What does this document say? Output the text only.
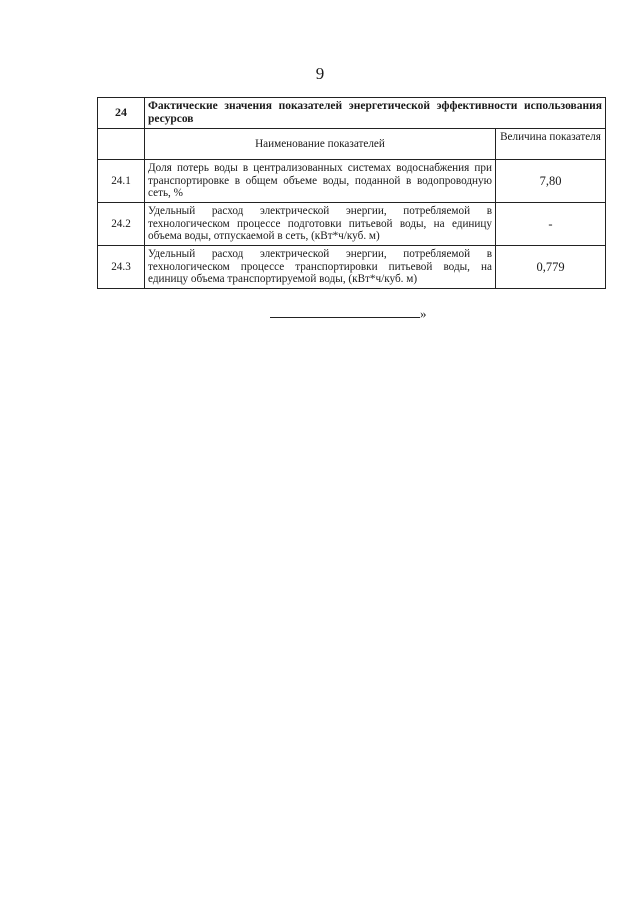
9
24	Фактические значения показателей энергетической эффективности использования ресурсов	
	Наименование показателей	Величина показателя
24.1	Доля потерь воды в централизованных системах водоснабжения при транспортировке в общем объеме воды, поданной в водопроводную сеть, %	7,80
24.2	Удельный расход электрической энергии, потребляемой в технологическом процессе подготовки питьевой воды, на единицу объема воды, отпускаемой в сеть, (кВт*ч/куб. м)	-
24.3	Удельный расход электрической энергии, потребляемой в технологическом процессе транспортировки питьевой воды, на единицу объема транспортируемой воды, (кВт*ч/куб. м)	0,779
»
